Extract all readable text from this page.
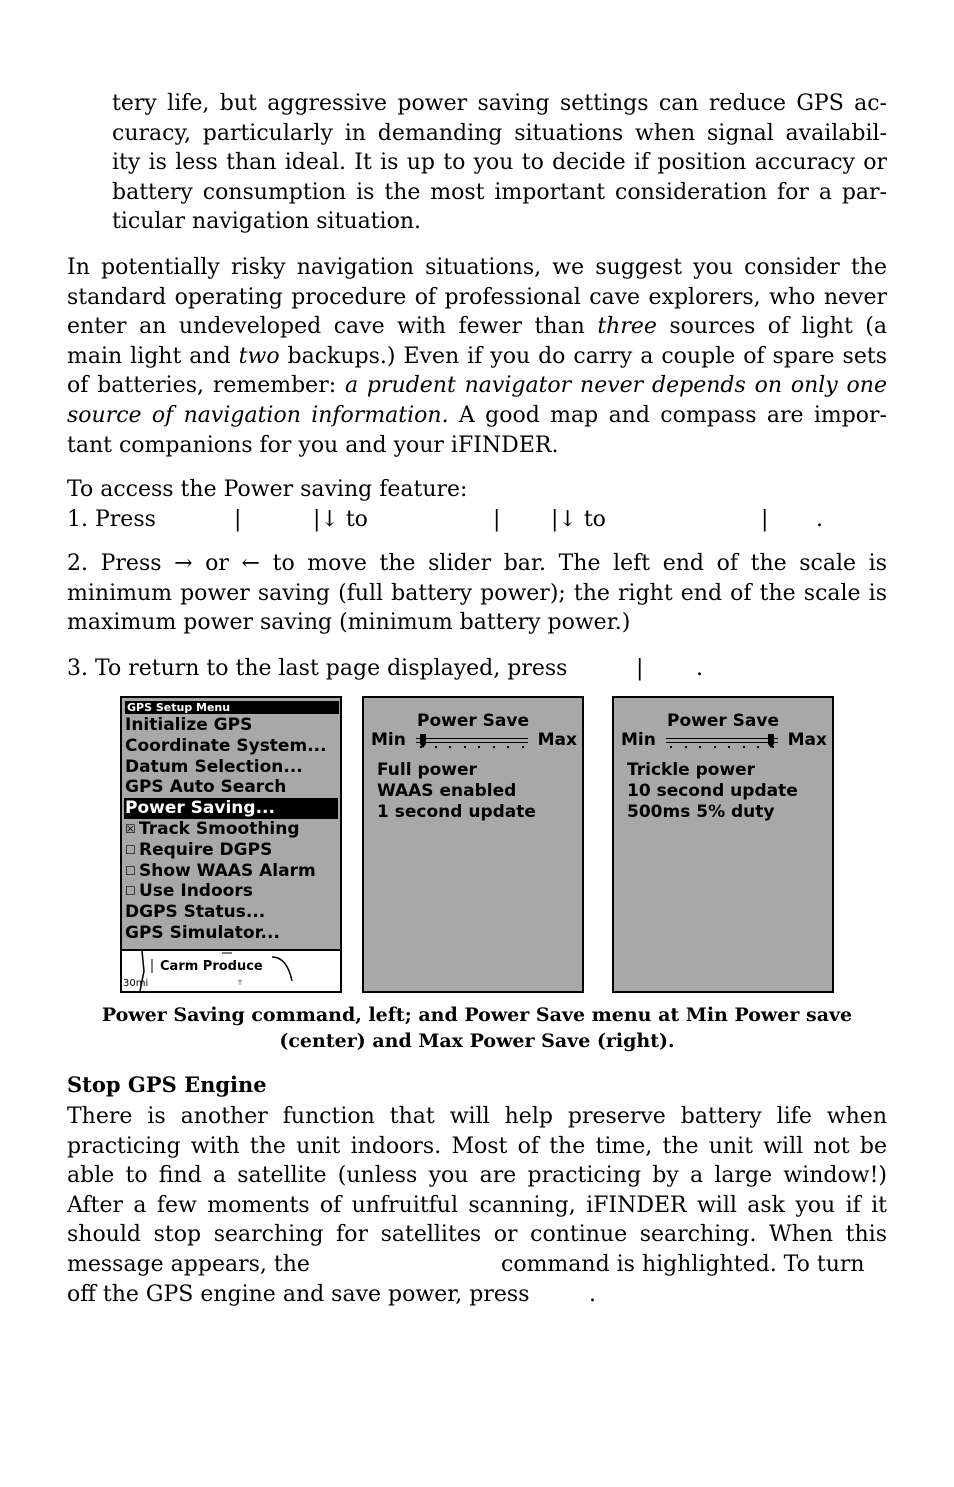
tery life, but aggressive power saving settings can reduce GPS ac-
curacy, particularly in demanding situations when signal availabil-
ity is less than ideal. It is up to you to decide if position accuracy or
battery consumption is the most important consideration for a par-
ticular navigation situation.
In potentially risky navigation situations, we suggest you consider the
standard operating procedure of professional cave explorers, who never
enter an undeveloped cave with fewer than three sources of light (a
main light and two backups.) Even if you do carry a couple of spare sets
of batteries, remember: a prudent navigator never depends on only one
source of navigation information. A good map and compass are impor-
tant companions for you and your iFINDER.
To access the Power saving feature:
1. Press	|	|↓ to	| |↓ to	| .
2. Press → or ← to move the slider bar. The left end of the scale is
minimum power saving (full battery power); the right end of the scale is
maximum power saving (minimum battery power.)
3. To return to the last page displayed, press	| .
GPS Setup Menu
Initialize GPS
Coordinate System...
Datum Selection...
GPS Auto Search
Power Saving...
☒ Track Smoothing
☐ Require DGPS
☐ Show WAAS Alarm
☐ Use Indoors
DGPS Status...
GPS Simulator...
Carm Produce
30mi
Power Save
Min	Max
Full power
WAAS enabled
1 second update
Power Save
Min	Max
Trickle power
10 second update
500ms 5% duty
Power Saving command, left; and Power Save menu at Min Power save
(center) and Max Power Save (right).
Stop GPS Engine
There is another function that will help preserve battery life when
practicing with the unit indoors. Most of the time, the unit will not be
able to find a satellite (unless you are practicing by a large window!)
After a few moments of unfruitful scanning, iFINDER will ask you if it
should stop searching for satellites or continue searching. When this
message appears, the	command is highlighted. To turn

off the GPS engine and save power, press	.
